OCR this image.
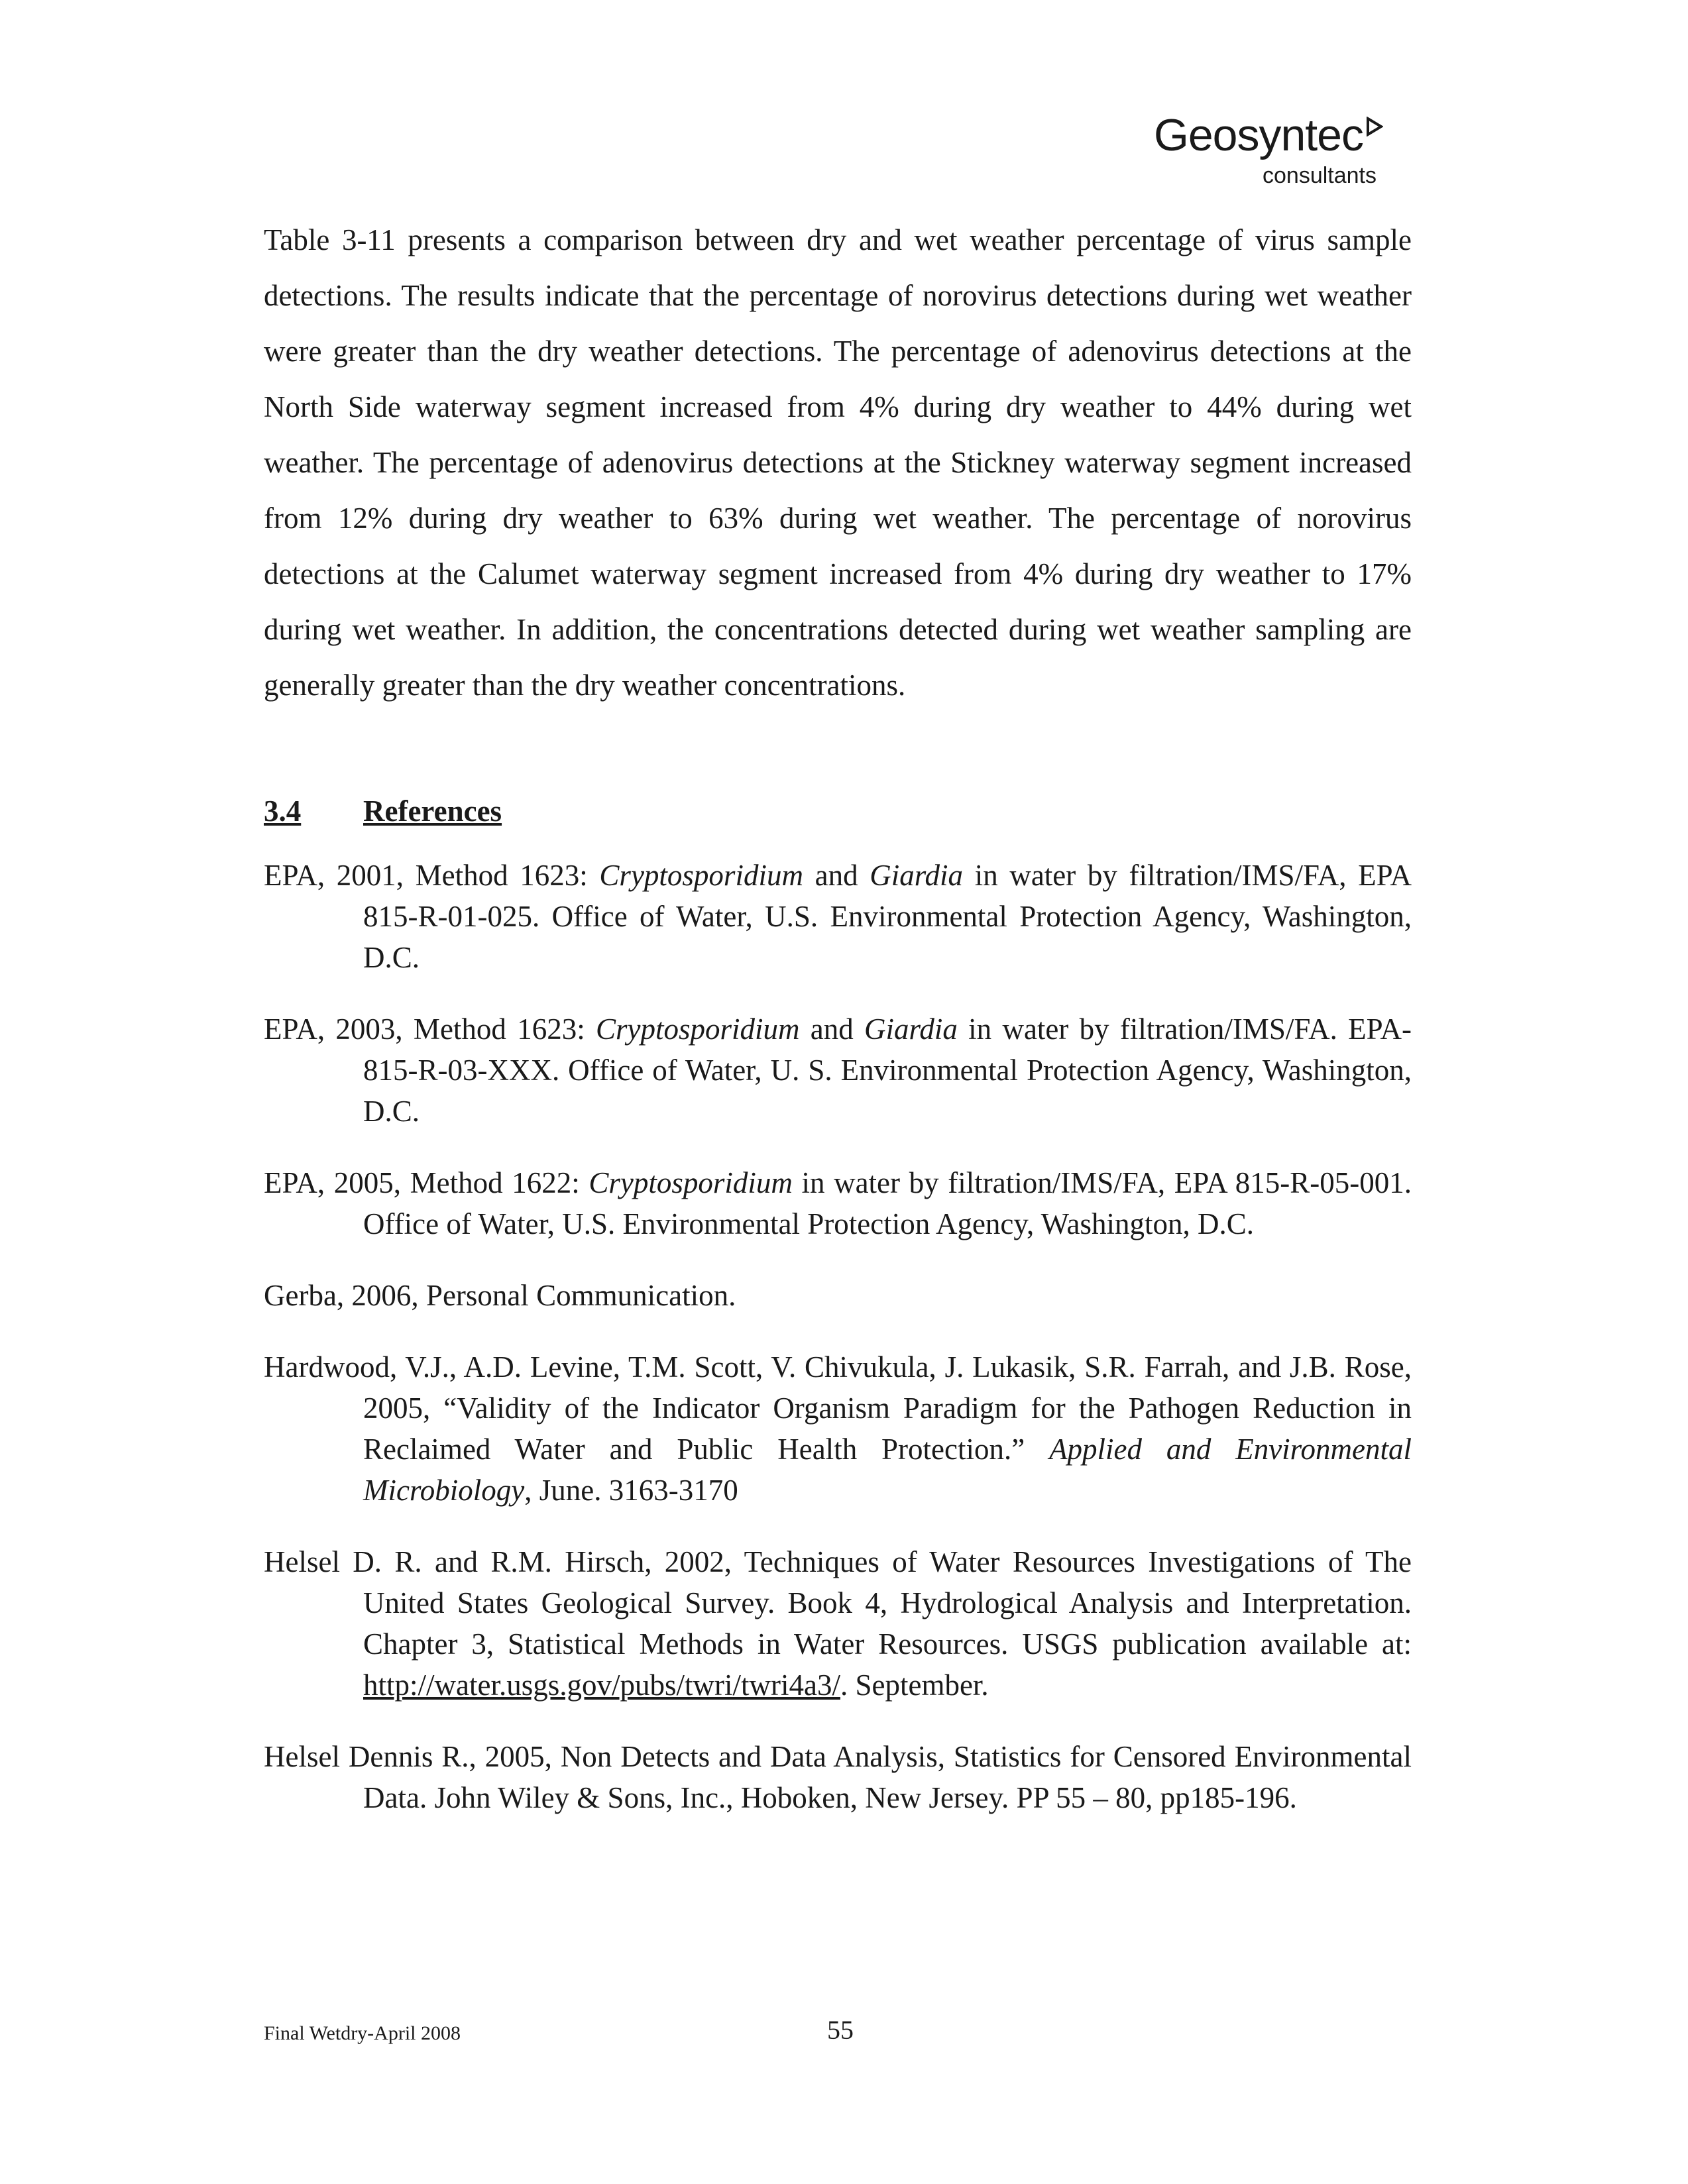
Geosyntec
consultants

Table 3-11 presents a comparison between dry and wet weather percentage of virus sample detections. The results indicate that the percentage of norovirus detections during wet weather were greater than the dry weather detections. The percentage of adenovirus detections at the North Side waterway segment increased from 4% during dry weather to 44% during wet weather. The percentage of adenovirus detections at the Stickney waterway segment increased from 12% during dry weather to 63% during wet weather. The percentage of norovirus detections at the Calumet waterway segment increased from 4% during dry weather to 17% during wet weather. In addition, the concentrations detected during wet weather sampling are generally greater than the dry weather concentrations.

3.4 References

EPA, 2001, Method 1623: Cryptosporidium and Giardia in water by filtration/IMS/FA, EPA 815-R-01-025. Office of Water, U.S. Environmental Protection Agency, Washington, D.C.

EPA, 2003, Method 1623: Cryptosporidium and Giardia in water by filtration/IMS/FA. EPA-815-R-03-XXX. Office of Water, U. S. Environmental Protection Agency, Washington, D.C.

EPA, 2005, Method 1622: Cryptosporidium in water by filtration/IMS/FA, EPA 815-R-05-001. Office of Water, U.S. Environmental Protection Agency, Washington, D.C.

Gerba, 2006, Personal Communication.

Hardwood, V.J., A.D. Levine, T.M. Scott, V. Chivukula, J. Lukasik, S.R. Farrah, and J.B. Rose, 2005, “Validity of the Indicator Organism Paradigm for the Pathogen Reduction in Reclaimed Water and Public Health Protection.” Applied and Environmental Microbiology, June. 3163-3170

Helsel D. R. and R.M. Hirsch, 2002, Techniques of Water Resources Investigations of The United States Geological Survey. Book 4, Hydrological Analysis and Interpretation. Chapter 3, Statistical Methods in Water Resources. USGS publication available at: http://water.usgs.gov/pubs/twri/twri4a3/. September.

Helsel Dennis R., 2005, Non Detects and Data Analysis, Statistics for Censored Environmental Data. John Wiley & Sons, Inc., Hoboken, New Jersey. PP 55 – 80, pp185-196.

Final Wetdry-April 2008	55
